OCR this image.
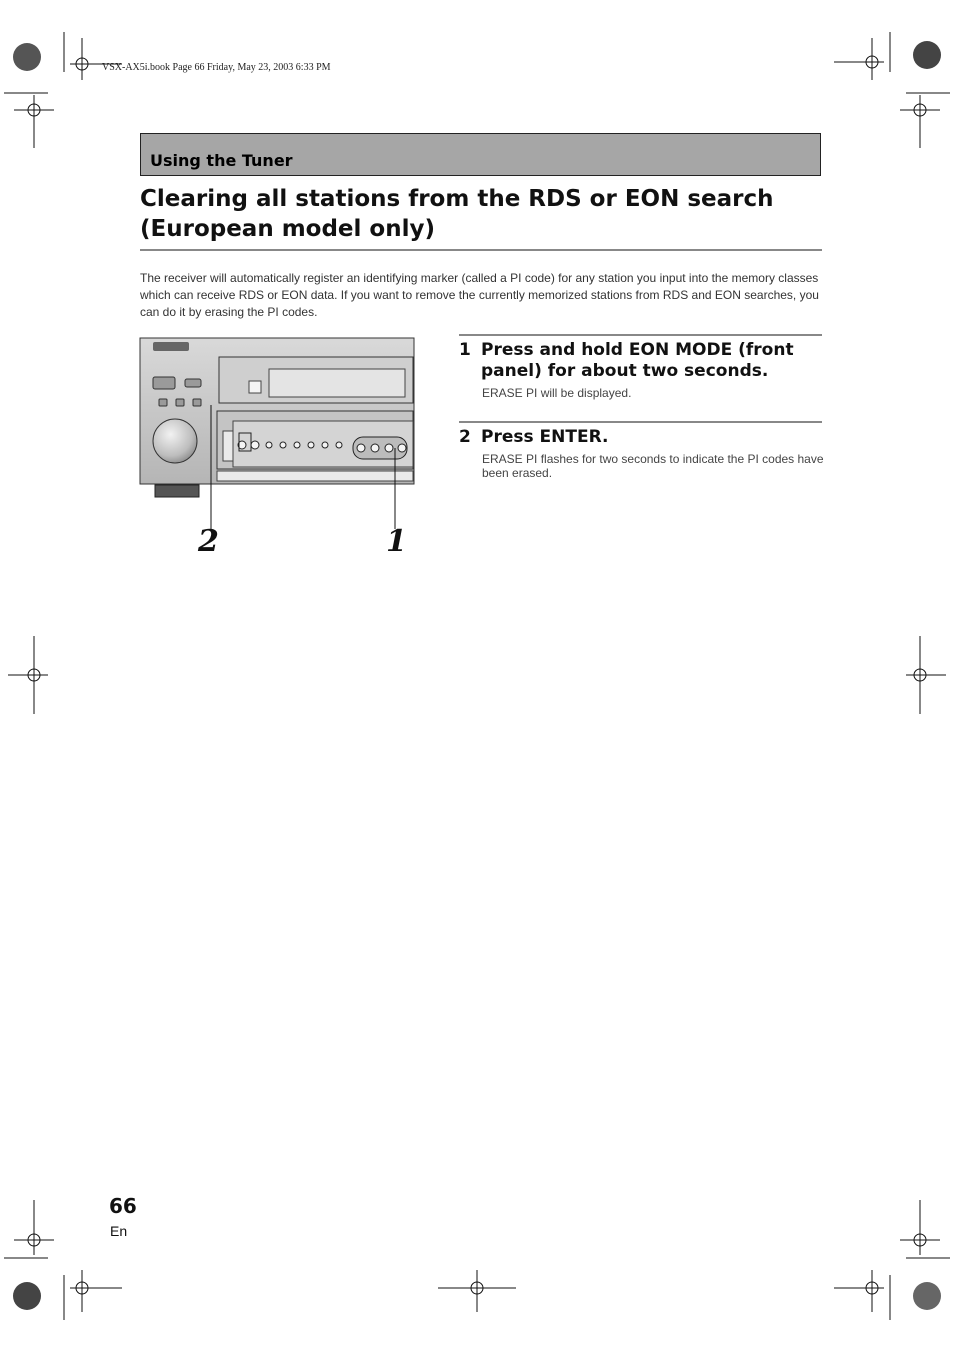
VSX-AX5i.book Page 66 Friday, May 23, 2003 6:33 PM
Using the Tuner
Clearing all stations from the RDS or EON search (European model only)

The receiver will automatically register an identifying marker (called a PI code) for any station you input into the memory classes which can receive RDS or EON data. If you want to remove the currently memorized stations from RDS and EON searches, you can do it by erasing the PI codes.

2	1
1 Press and hold EON MODE (front panel) for about two seconds.

ERASE PI will be displayed.

2 Press ENTER.

ERASE PI flashes for two seconds to indicate the PI codes have been erased.

66
En
